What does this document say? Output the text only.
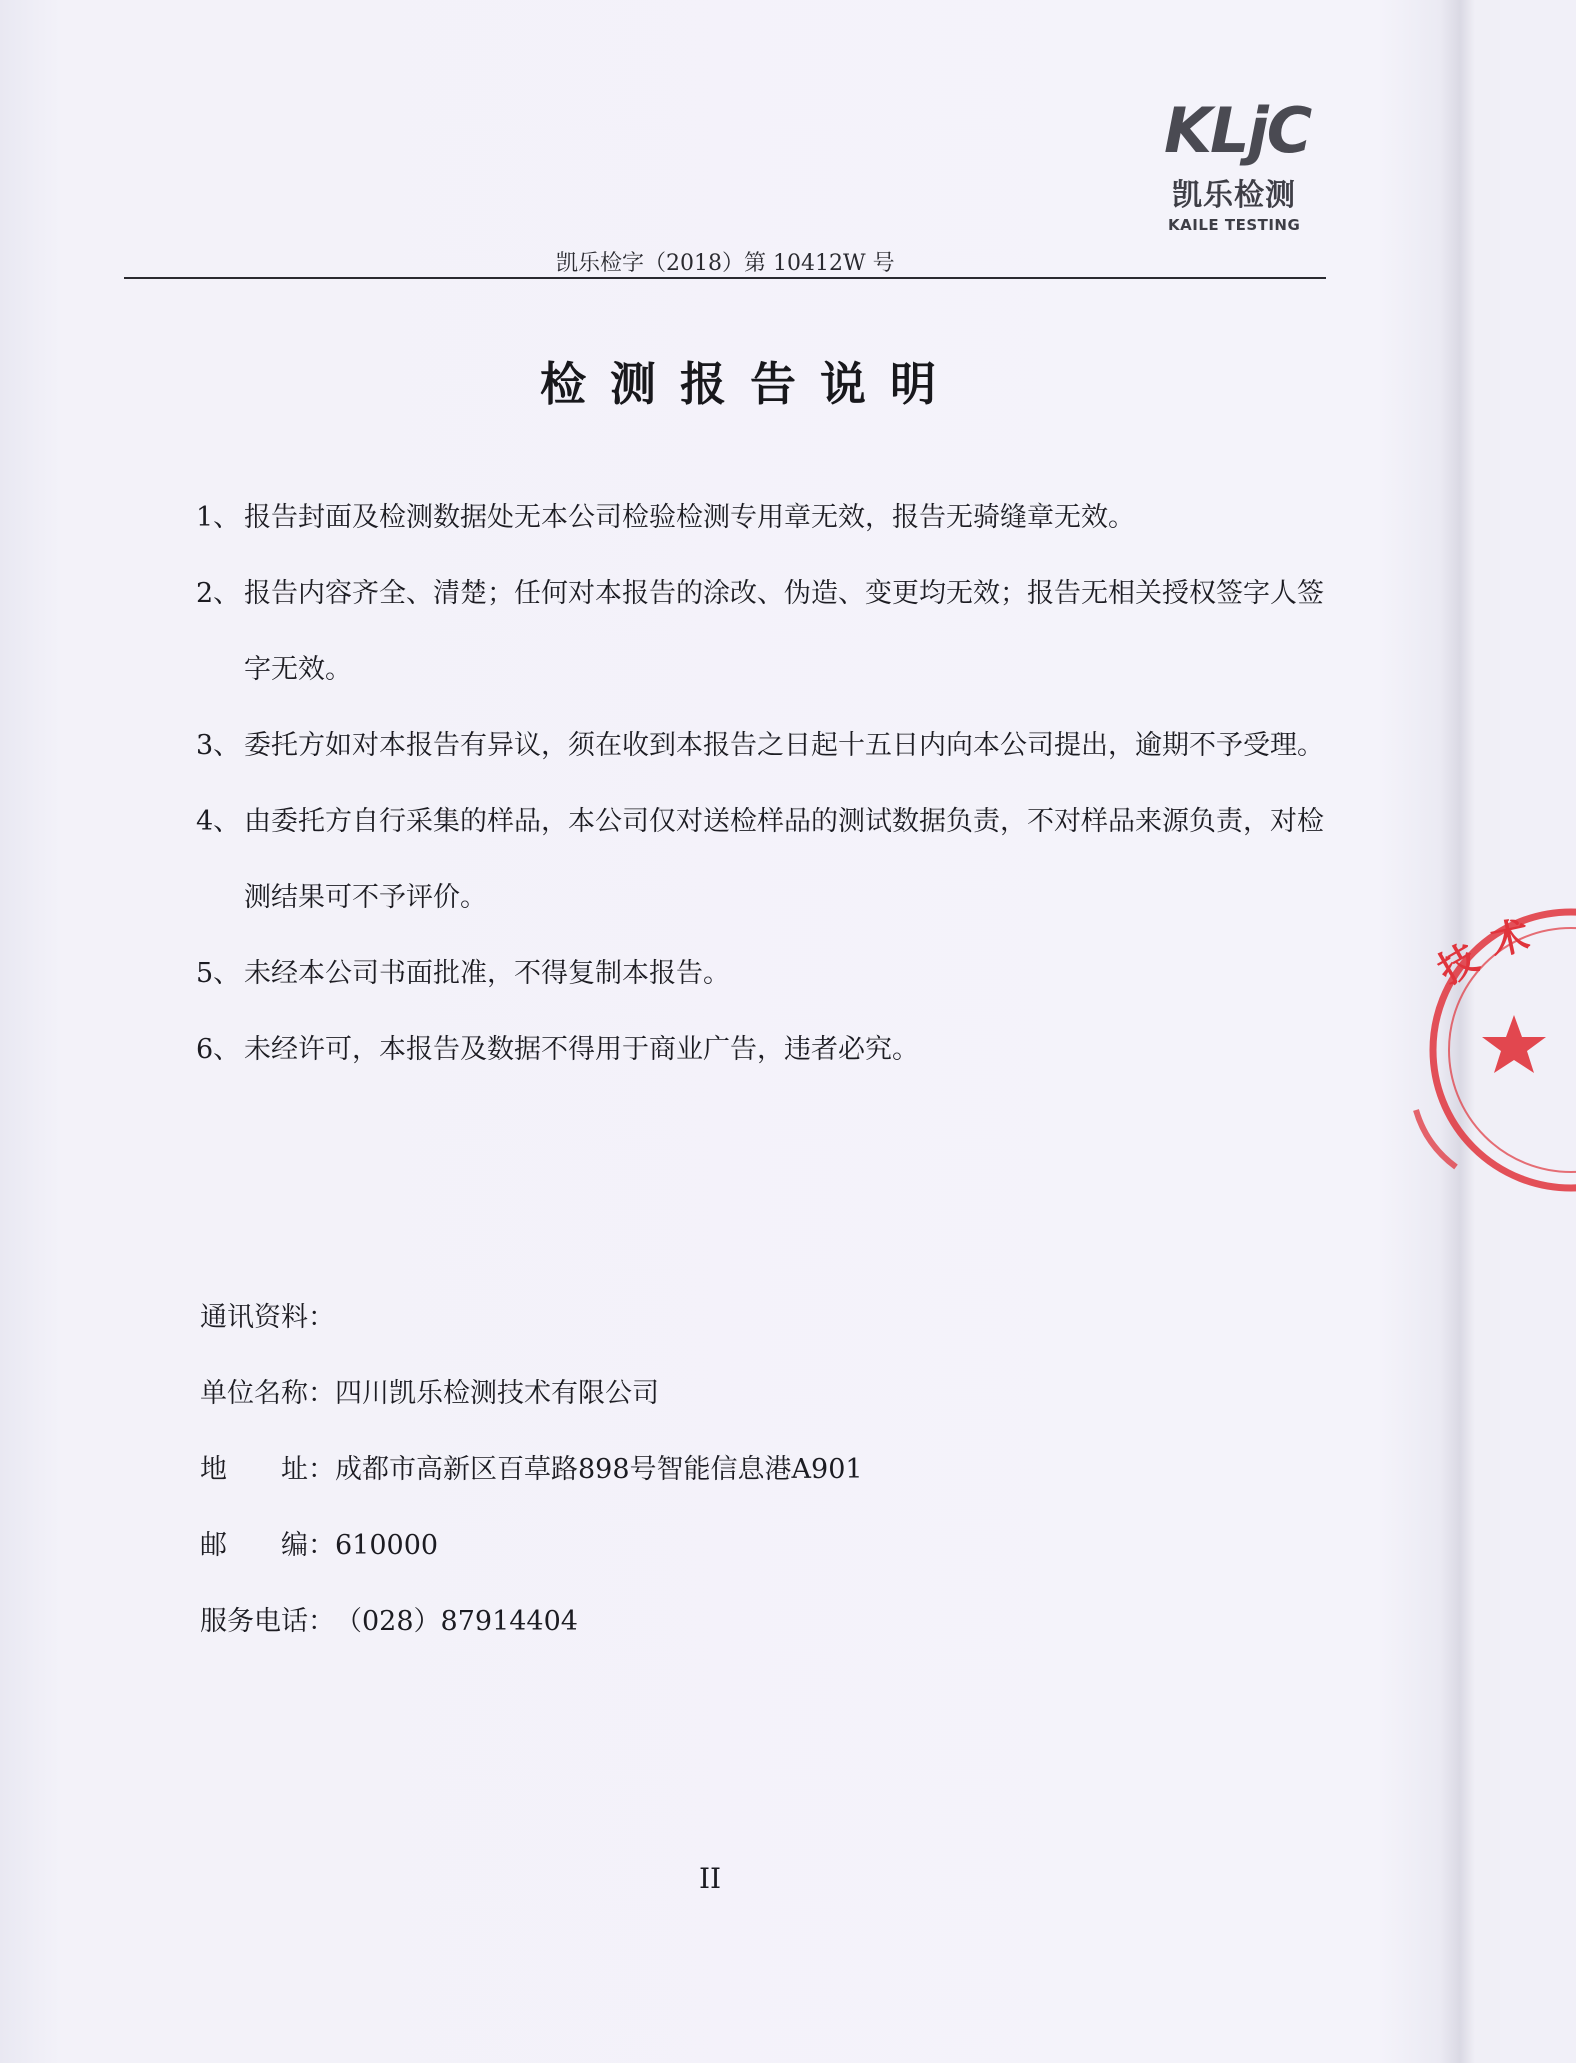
KLjC
凯乐检测
KAILE TESTING
凯乐检字（2018）第 10412W 号
检测报告说明

1、 报告封面及检测数据处无本公司检验检测专用章无效，报告无骑缝章无效。

2、 报告内容齐全、清楚；任何对本报告的涂改、伪造、变更均无效；报告无相关授权签字人签字无效。

3、 委托方如对本报告有异议，须在收到本报告之日起十五日内向本公司提出，逾期不予受理。

4、 由委托方自行采集的样品，本公司仅对送检样品的测试数据负责，不对样品来源负责，对检测结果可不予评价。

5、 未经本公司书面批准，不得复制本报告。

6、 未经许可，本报告及数据不得用于商业广告，违者必究。

通讯资料：

单位名称：四川凯乐检测技术有限公司

地　　址：成都市高新区百草路898号智能信息港A901

邮　　编：610000

服务电话：（028）87914404

II
技 术
